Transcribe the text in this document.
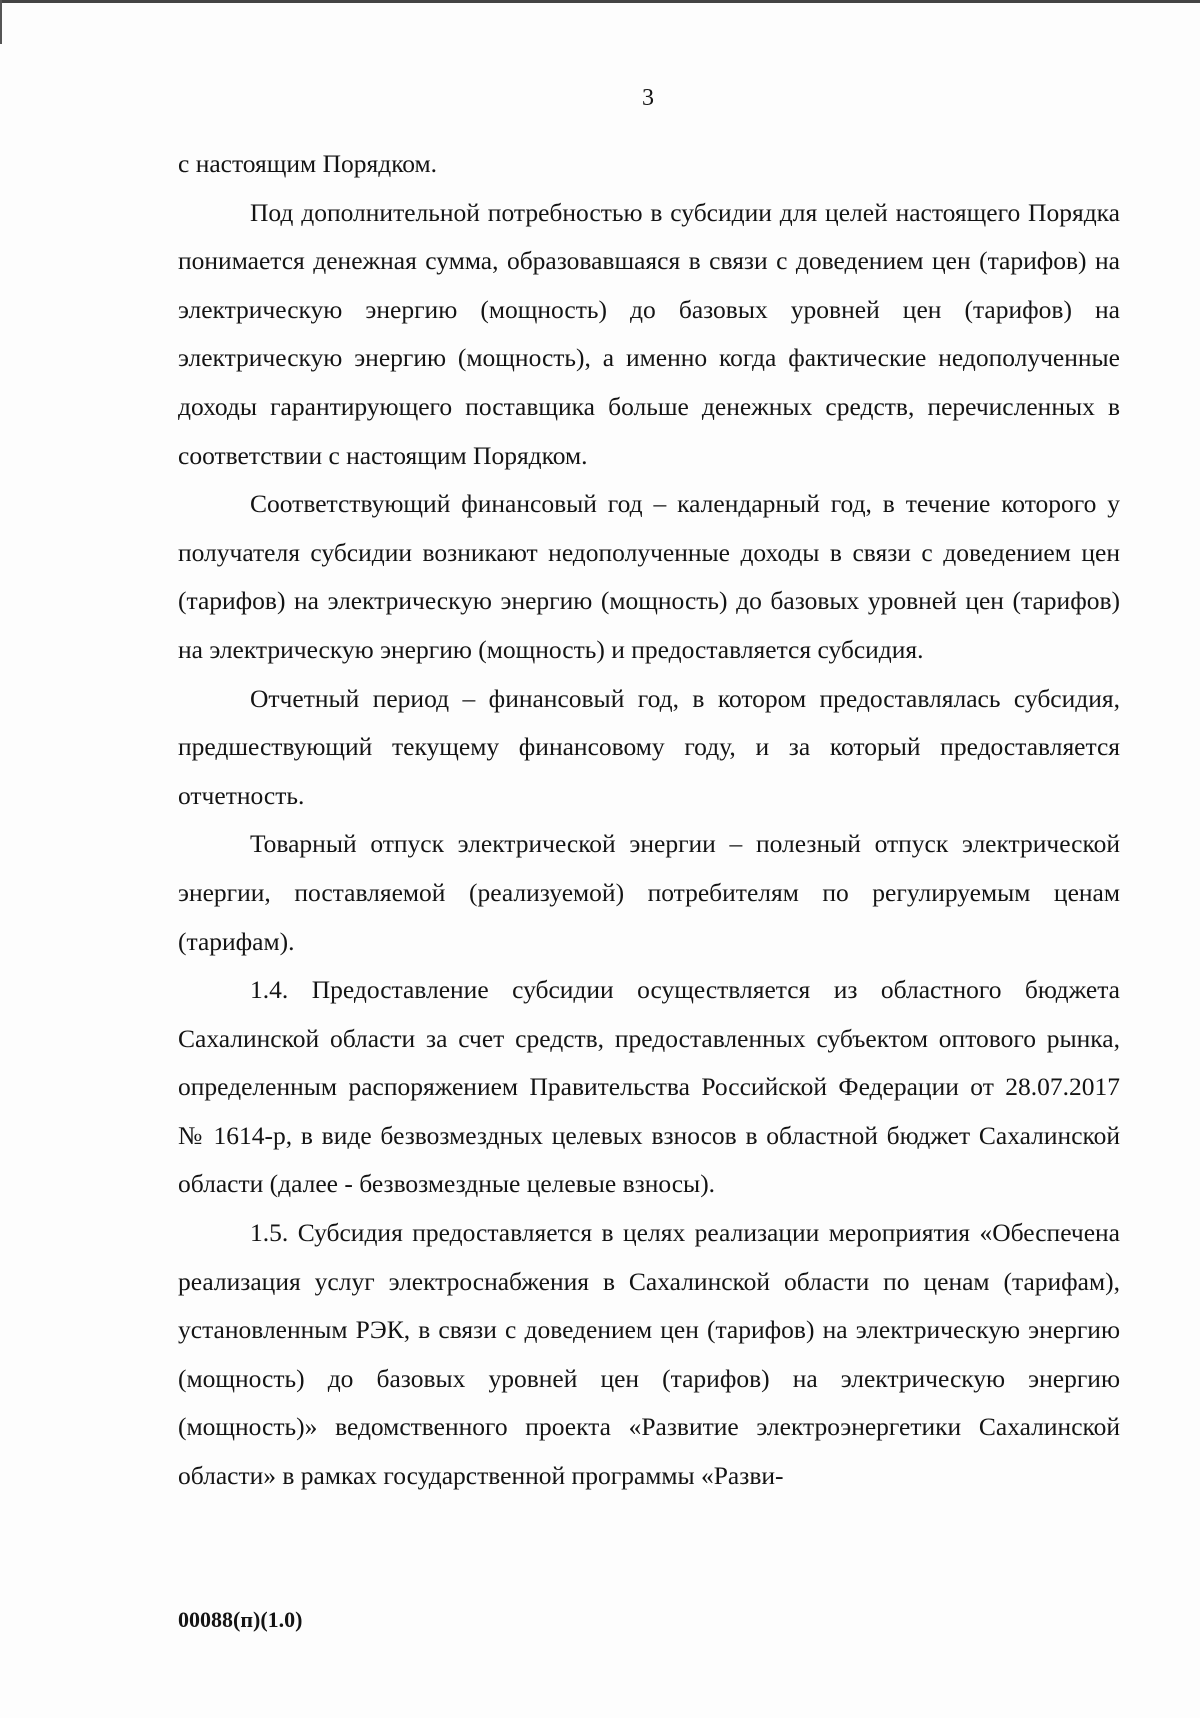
3

с настоящим Порядком.

Под дополнительной потребностью в субсидии для целей настоящего Порядка понимается денежная сумма, образовавшаяся в связи с доведением цен (тарифов) на электрическую энергию (мощность) до базовых уровней цен (тарифов) на электрическую энергию (мощность), а именно когда фактические недополученные доходы гарантирующего поставщика больше денежных средств, перечисленных в соответствии с настоящим Порядком.

Соответствующий финансовый год – календарный год, в течение которого у получателя субсидии возникают недополученные доходы в связи с доведением цен (тарифов) на электрическую энергию (мощность) до базовых уровней цен (тарифов) на электрическую энергию (мощность) и предоставляется субсидия.

Отчетный период – финансовый год, в котором предоставлялась субсидия, предшествующий текущему финансовому году, и за который предоставляется отчетность.

Товарный отпуск электрической энергии – полезный отпуск электрической энергии, поставляемой (реализуемой) потребителям по регулируемым ценам (тарифам).

1.4. Предоставление субсидии осуществляется из областного бюджета Сахалинской области за счет средств, предоставленных субъектом оптового рынка, определенным распоряжением Правительства Российской Федерации от 28.07.2017 № 1614-р, в виде безвозмездных целевых взносов в областной бюджет Сахалинской области (далее - безвозмездные целевые взносы).

1.5. Субсидия предоставляется в целях реализации мероприятия «Обеспечена реализация услуг электроснабжения в Сахалинской области по ценам (тарифам), установленным РЭК, в связи с доведением цен (тарифов) на электрическую энергию (мощность) до базовых уровней цен (тарифов) на электрическую энергию (мощность)» ведомственного проекта «Развитие электроэнергетики Сахалинской области» в рамках государственной программы «Разви-

00088(п)(1.0)
